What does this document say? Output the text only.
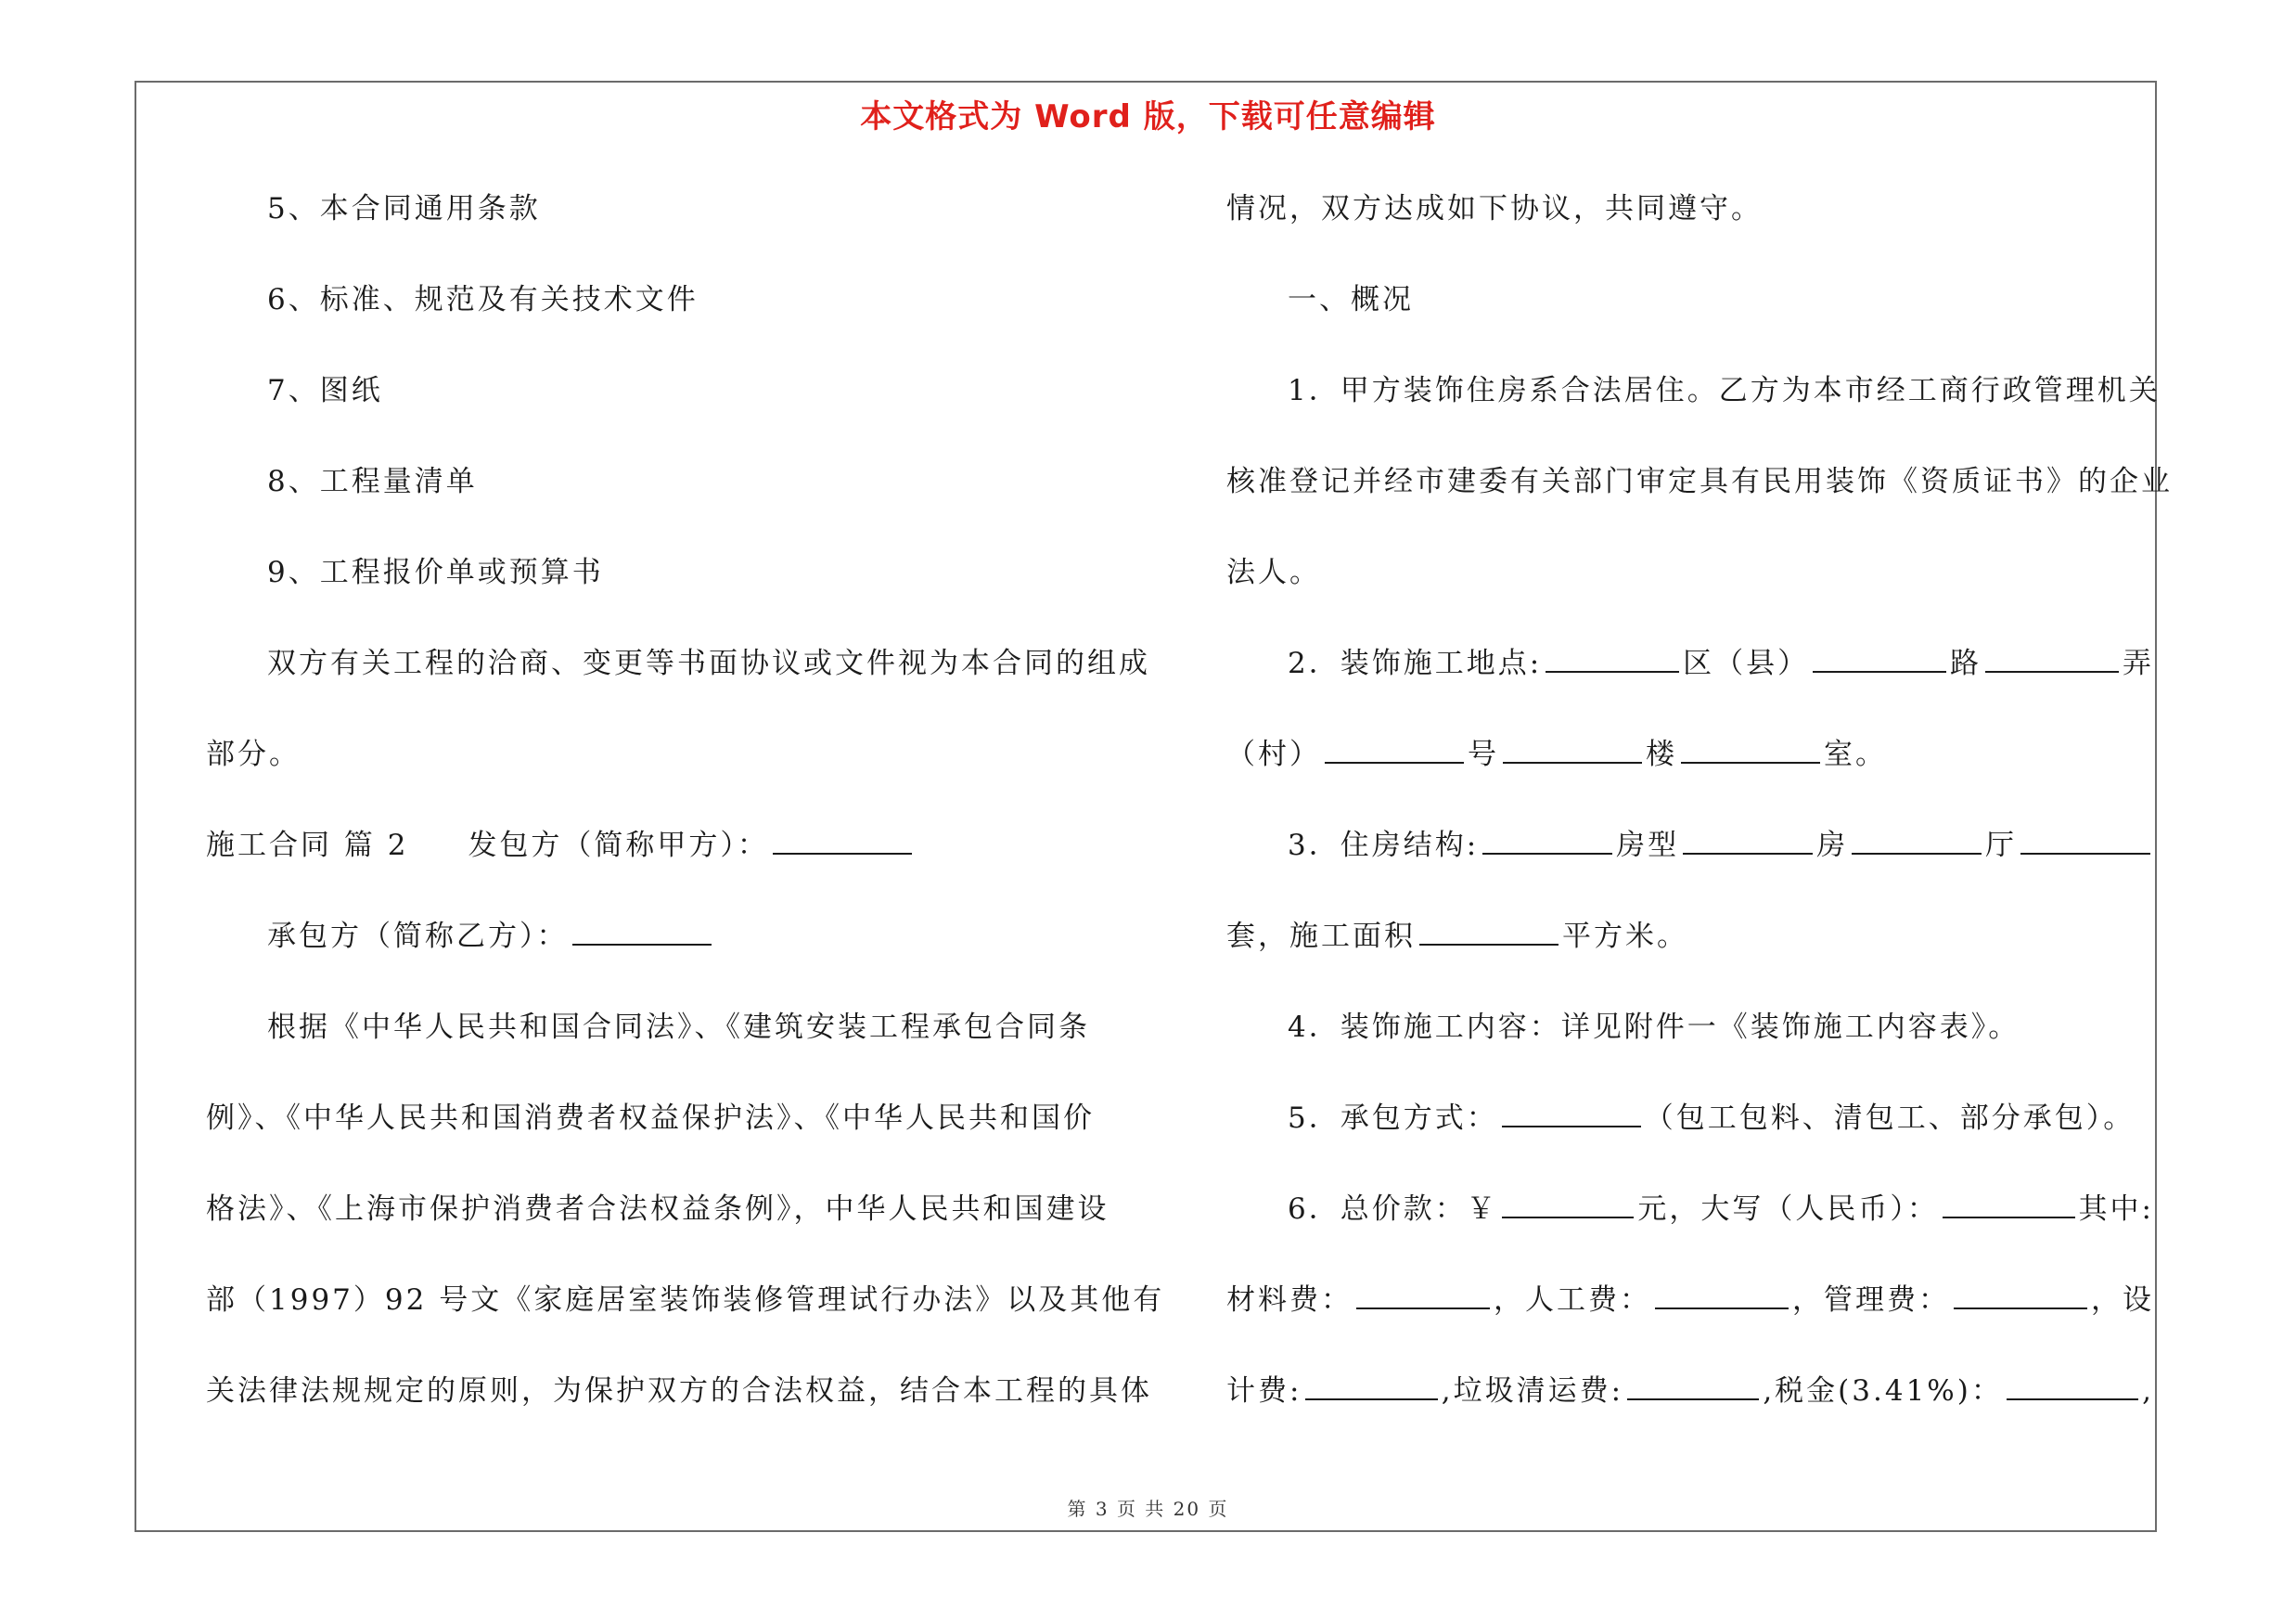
本文格式为 Word 版，下载可任意编辑
5、本合同通用条款
6、标准、规范及有关技术文件
7、图纸
8、工程量清单
9、工程报价单或预算书
双方有关工程的洽商、变更等书面协议或文件视为本合同的组成
部分。
施工合同 篇 2 发包方（简称甲方）：
承包方（简称乙方）：
根据《中华人民共和国合同法》、《建筑安装工程承包合同条
例》、《中华人民共和国消费者权益保护法》、《中华人民共和国价
格法》、《上海市保护消费者合法权益条例》，中华人民共和国建设
部（1997）92 号文《家庭居室装饰装修管理试行办法》以及其他有
关法律法规规定的原则，为保护双方的合法权益，结合本工程的具体
情况，双方达成如下协议，共同遵守。
一、概况
1．甲方装饰住房系合法居住。乙方为本市经工商行政管理机关
核准登记并经市建委有关部门审定具有民用装饰《资质证书》的企业
法人。
2．装饰施工地点:	区（县）	路	弄
（村）	号	楼	室。
3．住房结构:	房型	房	厅
套，施工面积	平方米。
4．装饰施工内容：详见附件一《装饰施工内容表》。
5．承包方式：	（包工包料、清包工、部分承包）。
6．总价款：￥	元，大写（人民币）：	其中:
材料费：	，人工费：	，管理费：	，设
计费:	,垃圾清运费:	,税金(3.41%)：	,
第 3 页 共 20 页
